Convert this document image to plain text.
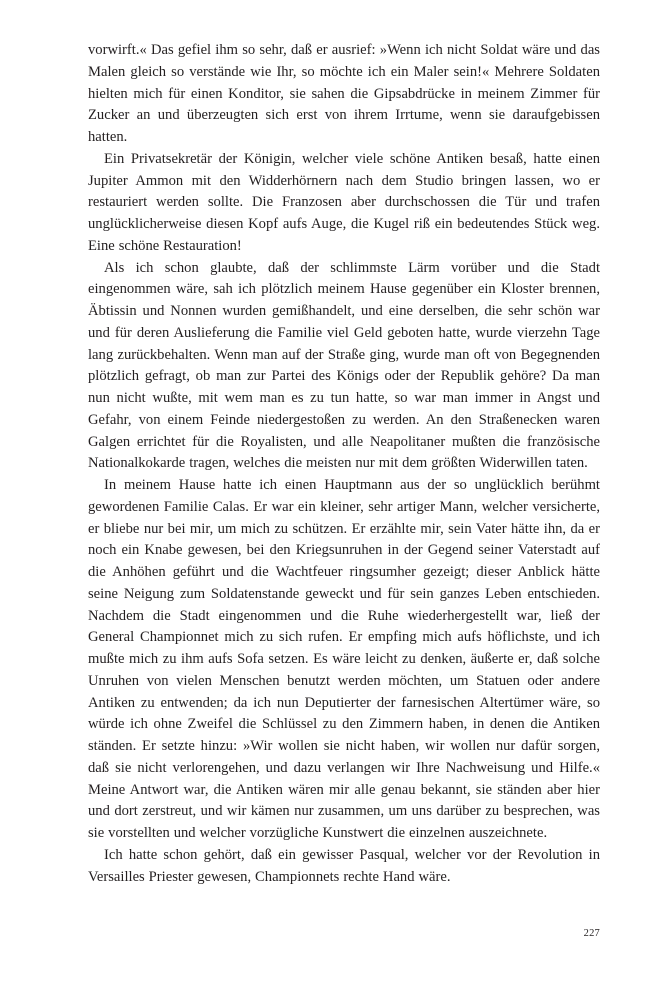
vorwirft.« Das gefiel ihm so sehr, daß er ausrief: »Wenn ich nicht Soldat wäre und das Malen gleich so verstände wie Ihr, so möchte ich ein Maler sein!« Mehrere Soldaten hielten mich für einen Konditor, sie sahen die Gipsabdrücke in meinem Zimmer für Zucker an und überzeugten sich erst von ihrem Irrtume, wenn sie daraufgebissen hatten.

Ein Privatsekretär der Königin, welcher viele schöne Antiken besaß, hatte einen Jupiter Ammon mit den Widderhörnern nach dem Studio bringen lassen, wo er restauriert werden sollte. Die Franzosen aber durchschossen die Tür und trafen unglücklicherweise diesen Kopf aufs Auge, die Kugel riß ein bedeutendes Stück weg. Eine schöne Restauration!

Als ich schon glaubte, daß der schlimmste Lärm vorüber und die Stadt eingenommen wäre, sah ich plötzlich meinem Hause gegenüber ein Kloster brennen, Äbtissin und Nonnen wurden gemißhandelt, und eine derselben, die sehr schön war und für deren Auslieferung die Familie viel Geld geboten hatte, wurde vierzehn Tage lang zurückbehalten. Wenn man auf der Straße ging, wurde man oft von Begegnenden plötzlich gefragt, ob man zur Partei des Königs oder der Republik gehöre? Da man nun nicht wußte, mit wem man es zu tun hatte, so war man immer in Angst und Gefahr, von einem Feinde niedergestoßen zu werden. An den Straßenecken waren Galgen errichtet für die Royalisten, und alle Neapolitaner mußten die französische Nationalkokarde tragen, welches die meisten nur mit dem größten Widerwillen taten.

In meinem Hause hatte ich einen Hauptmann aus der so unglücklich berühmt gewordenen Familie Calas. Er war ein kleiner, sehr artiger Mann, welcher versicherte, er bliebe nur bei mir, um mich zu schützen. Er erzählte mir, sein Vater hätte ihn, da er noch ein Knabe gewesen, bei den Kriegsunruhen in der Gegend seiner Vaterstadt auf die Anhöhen geführt und die Wachtfeuer ringsumher gezeigt; dieser Anblick hätte seine Neigung zum Soldatenstande geweckt und für sein ganzes Leben entschieden. Nachdem die Stadt eingenommen und die Ruhe wiederhergestellt war, ließ der General Championnet mich zu sich rufen. Er empfing mich aufs höflichste, und ich mußte mich zu ihm aufs Sofa setzen. Es wäre leicht zu denken, äußerte er, daß solche Unruhen von vielen Menschen benutzt werden möchten, um Statuen oder andere Antiken zu entwenden; da ich nun Deputierter der farnesischen Altertümer wäre, so würde ich ohne Zweifel die Schlüssel zu den Zimmern haben, in denen die Antiken ständen. Er setzte hinzu: »Wir wollen sie nicht haben, wir wollen nur dafür sorgen, daß sie nicht verlorengehen, und dazu verlangen wir Ihre Nachweisung und Hilfe.« Meine Antwort war, die Antiken wären mir alle genau bekannt, sie ständen aber hier und dort zerstreut, und wir kämen nur zusammen, um uns darüber zu besprechen, was sie vorstellten und welcher vorzügliche Kunstwert die einzelnen auszeichnete.

Ich hatte schon gehört, daß ein gewisser Pasqual, welcher vor der Revolution in Versailles Priester gewesen, Championnets rechte Hand wäre.

227
